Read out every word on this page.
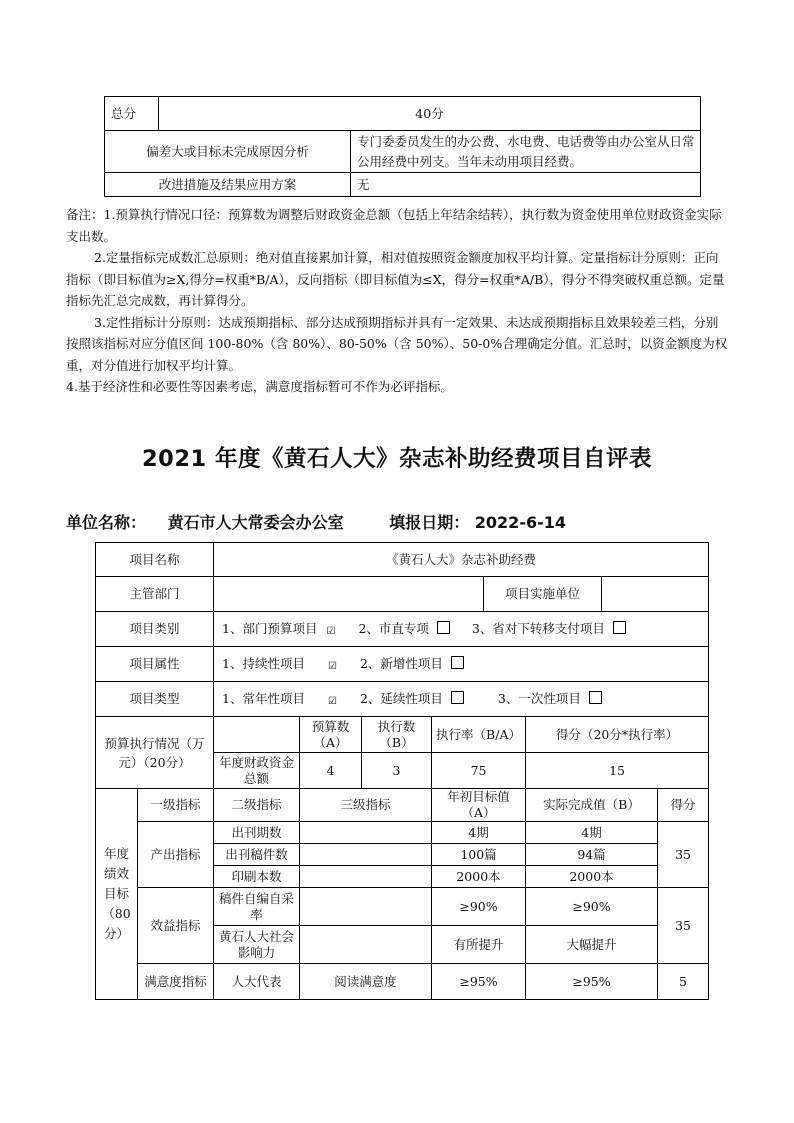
总分	40分	
偏差大或目标未完成原因分析		专门委委员发生的办公费、水电费、电话费等由办公室从日常公用经费中列支。当年未动用项目经费。
改进措施及结果应用方案		无

备注：1.预算执行情况口径：预算数为调整后财政资金总额（包括上年结余结转），执行数为资金使用单位财政资金实际支出数。

2.定量指标完成数汇总原则：绝对值直接累加计算，相对值按照资金额度加权平均计算。定量指标计分原则：正向指标（即目标值为≥X,得分=权重*B/A），反向指标（即目标值为≤X，得分=权重*A/B），得分不得突破权重总额。定量指标先汇总完成数，再计算得分。

3.定性指标计分原则：达成预期指标、部分达成预期指标并具有一定效果、未达成预期指标且效果较差三档，分别按照该指标对应分值区间 100-80%（含 80%）、80-50%（含 50%）、50-0%合理确定分值。汇总时，以资金额度为权重，对分值进行加权平均计算。

4.基于经济性和必要性等因素考虑，满意度指标暂可不作为必评指标。

2021 年度《黄石人大》杂志补助经费项目自评表
单位名称： 黄石市人大常委会办公室	填报日期： 2022-6-14
项目名称		《黄石人大》杂志补助经费							
主管部门						项目实施单位			
项目类别		1、部门预算项目 ☑ 2、市直专项 3、省对下转移支付项目							
项目属性		1、持续性项目 ☑ 2、新增性项目							
项目类型		1、常年性项目 ☑ 2、延续性项目 3、一次性项目							
预算执行情况（万元）（20分）			预算数（A）	执行数（B）	执行率（B/A）		得分（20分*执行率）		
		年度财政资金总额	4	3	75		15		
年度绩效目标（80分）	一级指标	二级指标	三级指标		年初目标值（A）		实际完成值（B）		得分
	产出指标	出刊期数			4期		4期		35
		出刊稿件数			100篇		94篇		
		印刷本数			2000本		2000本		
	效益指标	稿件自编自采率			≥90%		≥90%		35
		黄石人大社会影响力			有所提升		大幅提升		
	满意度指标	人大代表	阅读满意度		≥95%		≥95%		5
